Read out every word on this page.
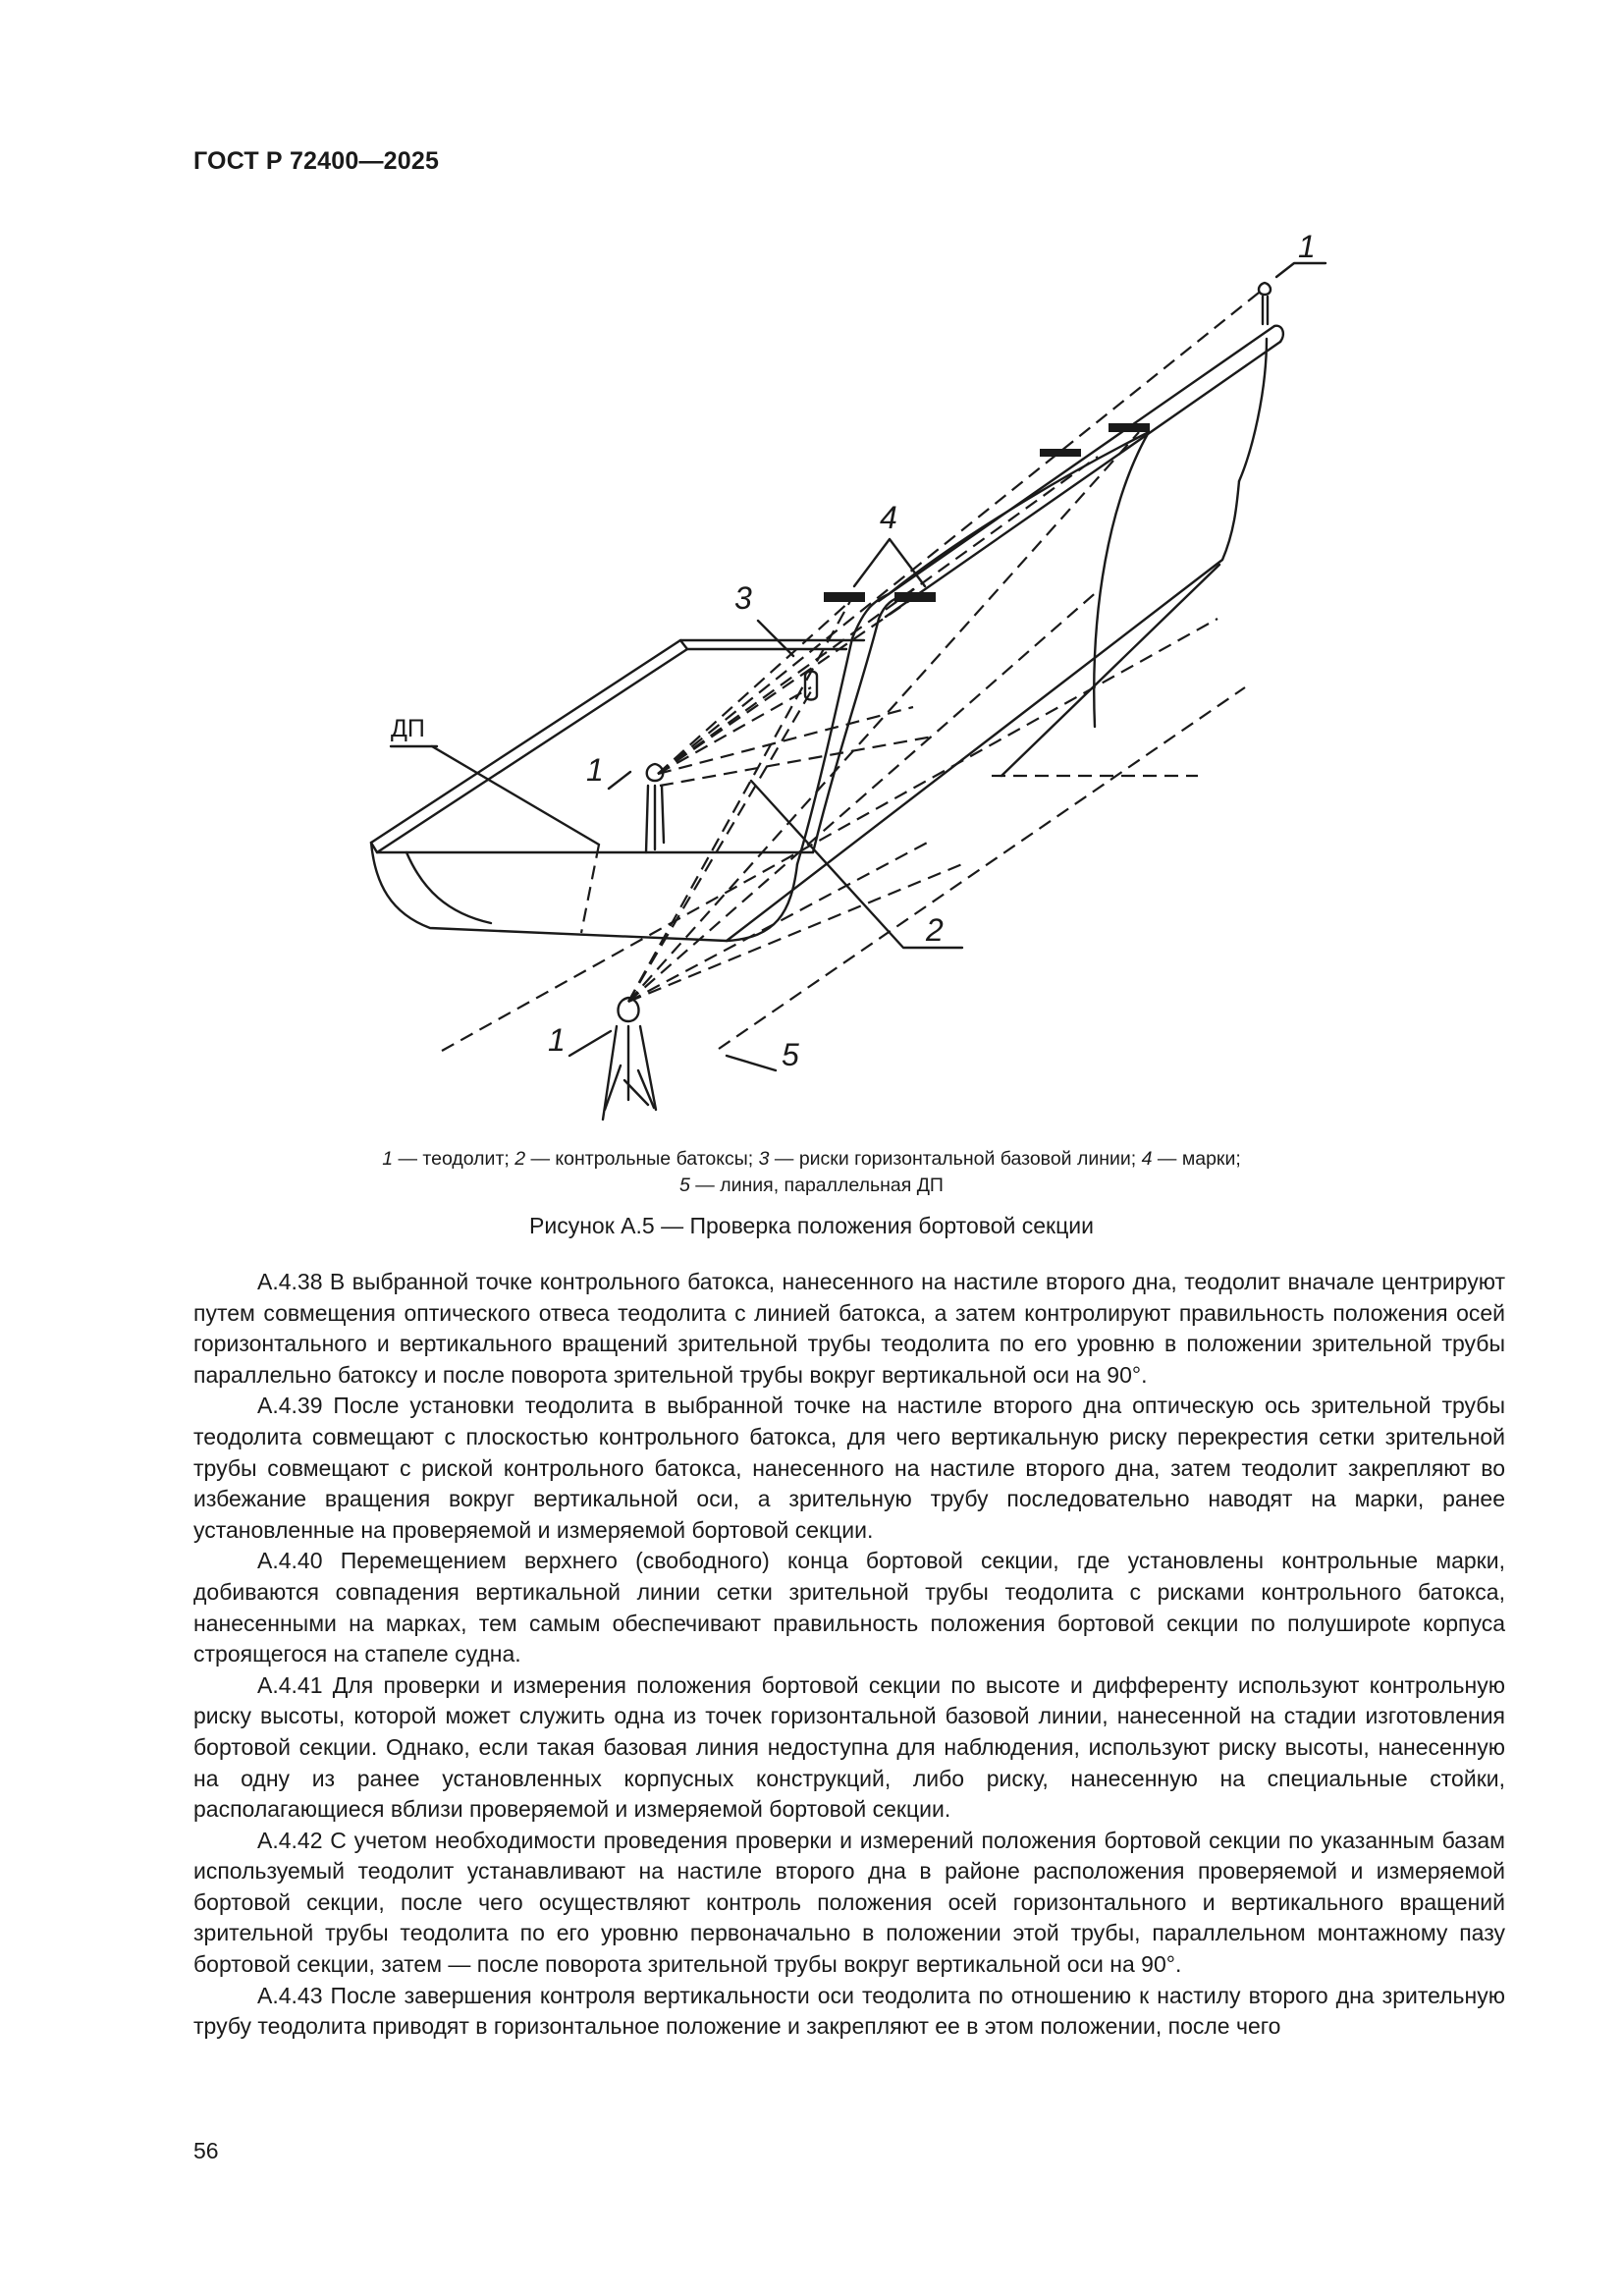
ГОСТ Р 72400—2025
1
4
3
1
2
1	5
ДП
1 — теодолит; 2 — контрольные батоксы; 3 — риски горизонтальной базовой линии; 4 — марки;
5 — линия, параллельная ДП
Рисунок А.5 — Проверка положения бортовой секции

А.4.38 В выбранной точке контрольного батокса, нанесенного на настиле второго дна, теодолит вначале центрируют путем совмещения оптического отвеса теодолита с линией батокса, а затем контролируют правильность положения осей горизонтального и вертикального вращений зрительной трубы теодолита по его уровню в положении зрительной трубы параллельно батоксу и после поворота зрительной трубы вокруг вертикальной оси на 90°.

А.4.39 После установки теодолита в выбранной точке на настиле второго дна оптическую ось зрительной трубы теодолита совмещают с плоскостью контрольного батокса, для чего вертикальную риску перекрестия сетки зрительной трубы совмещают с риской контрольного батокса, нанесенного на настиле второго дна, затем теодолит закрепляют во избежание вращения вокруг вертикальной оси, а зрительную трубу последовательно наводят на марки, ранее установленные на проверяемой и измеряемой бортовой секции.

А.4.40 Перемещением верхнего (свободного) конца бортовой секции, где установлены контрольные марки, добиваются совпадения вертикальной линии сетки зрительной трубы теодолита с рисками контрольного батокса, нанесенными на марках, тем самым обеспечивают правильность положения бортовой секции по полуширote корпуса строящегося на стапеле судна.

А.4.41 Для проверки и измерения положения бортовой секции по высоте и дифференту используют контрольную риску высоты, которой может служить одна из точек горизонтальной базовой линии, нанесенной на стадии изготовления бортовой секции. Однако, если такая базовая линия недоступна для наблюдения, используют риску высоты, нанесенную на одну из ранее установленных корпусных конструкций, либо риску, нанесенную на специальные стойки, располагающиеся вблизи проверяемой и измеряемой бортовой секции.

А.4.42 С учетом необходимости проведения проверки и измерений положения бортовой секции по указанным базам используемый теодолит устанавливают на настиле второго дна в районе расположения проверяемой и измеряемой бортовой секции, после чего осуществляют контроль положения осей горизонтального и вертикального вращений зрительной трубы теодолита по его уровню первоначально в положении этой трубы, параллельном монтажному пазу бортовой секции, затем — после поворота зрительной трубы вокруг вертикальной оси на 90°.

А.4.43 После завершения контроля вертикальности оси теодолита по отношению к настилу второго дна зрительную трубу теодолита приводят в горизонтальное положение и закрепляют ее в этом положении, после чего

56
